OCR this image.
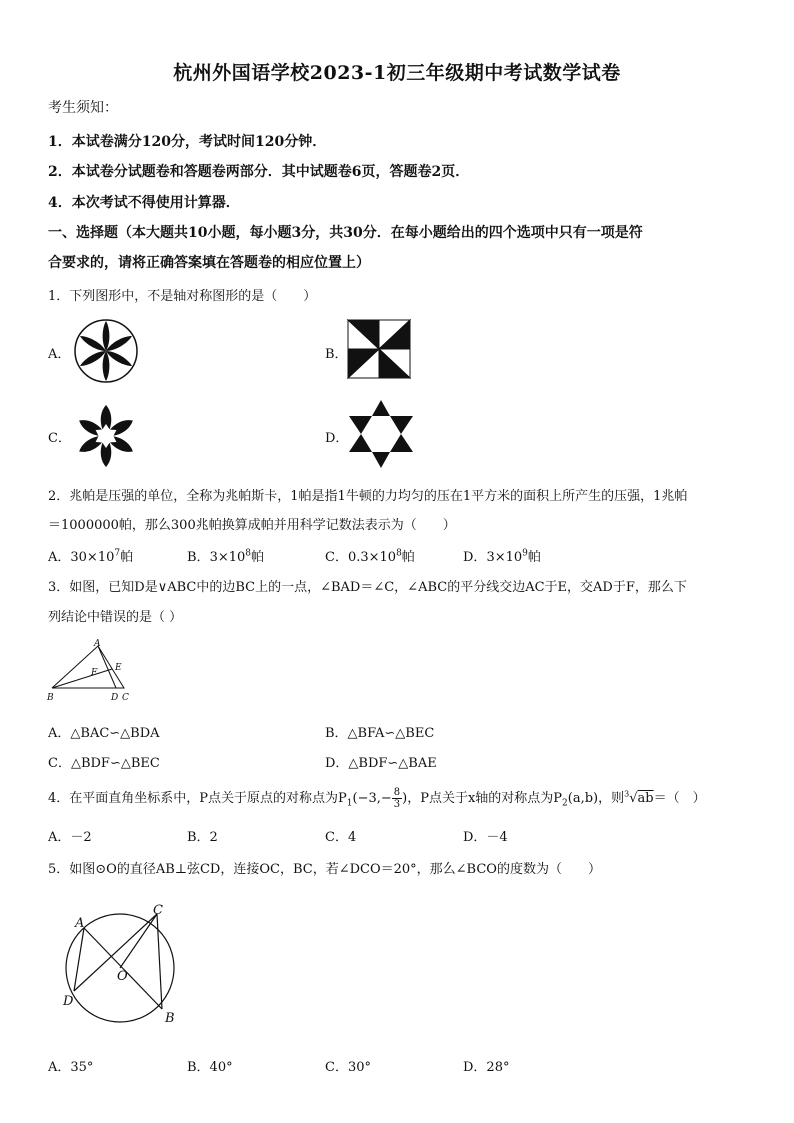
杭州外国语学校2023-1初三年级期中考试数学试卷
考生须知：
1．本试卷满分120分，考试时间120分钟．
2．本试卷分试题卷和答题卷两部分．其中试题卷6页，答题卷2页．
4．本次考试不得使用计算器．
一、选择题（本大题共10小题，每小题3分，共30分．在每小题给出的四个选项中只有一项是符
合要求的，请将正确答案填在答题卷的相应位置上）
1．下列图形中，不是轴对称图形的是（　　）
A．	B．
C．	D．
2．兆帕是压强的单位，全称为兆帕斯卡，1帕是指1牛顿的力均匀的压在1平方米的面积上所产生的压强，1兆帕
＝1000000帕，那么300兆帕换算成帕并用科学记数法表示为（　　）
A．$30\times 10^7$帕	B．$3\times 10^8$帕	C．$0.3\times 10^8$帕	D．$3\times 10^9$帕
3．如图，已知D是∨ABC中的边BC上的一点，∠BAD＝∠C，∠ABC的平分线交边AC于E，交AD于F，那么下
列结论中错误的是（ ）
A
B	C
D
E
F
A．△BAC∽△BDA	B．△BFA∽△BEC
C．△BDF∽△BEC	D．△BDF∽△BAE
4．在平面直角坐标系中，P点关于原点的对称点为$P_1(-3,- \frac{8}{3}$ )，P点关于x轴的对称点为$P_2(a,b)$，则$^3$√ab＝（　）
A．－2	B．2	C．4	D．－4
5．如图⊙O的直径AB⊥弦CD，连接OC，BC，若∠DCO＝20°，那么∠BCO的度数为（　　）
A
C
D
B
O
A．35°	B．40°	C．30°	D．28°
